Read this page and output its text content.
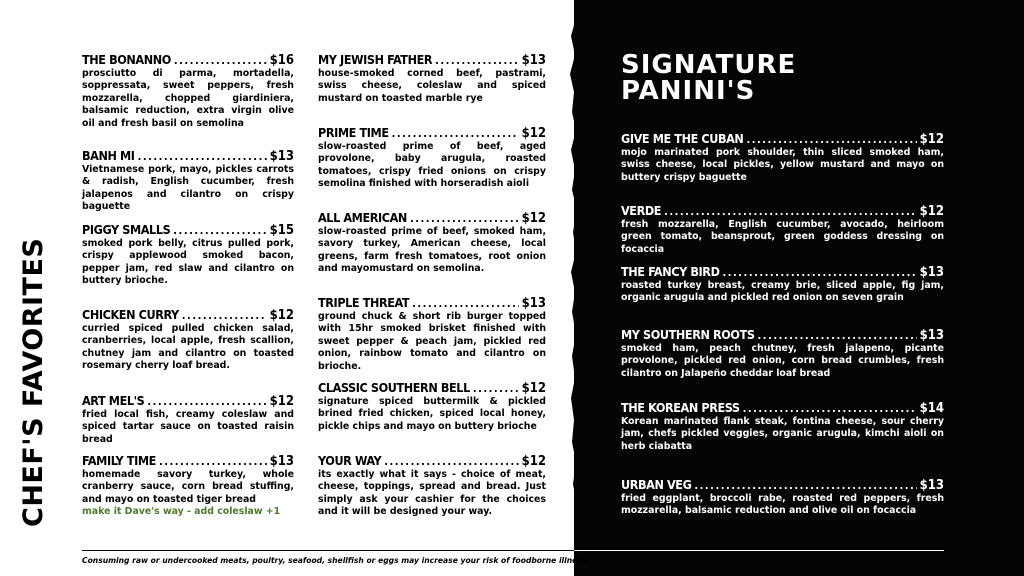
CHEF'S FAVORITES
THE BONANNO .....	$16
prosciutto di parma, mortadella, soppressata, sweet peppers, fresh mozzarella, chopped giardiniera, balsamic reduction, extra virgin olive oil and fresh basil on semolina
BANH MI .....	$13
Vietnamese pork, mayo, pickles carrots & radish, English cucumber, fresh jalapenos and cilantro on crispy baguette
PIGGY SMALLS .....	$15
smoked pork belly, citrus pulled pork, crispy applewood smoked bacon, pepper jam, red slaw and cilantro on buttery brioche.
CHICKEN CURRY .....	$12
curried spiced pulled chicken salad, cranberries, local apple, fresh scallion, chutney jam and cilantro on toasted rosemary cherry loaf bread.
ART MEL'S .....	$12
fried local fish, creamy coleslaw and spiced tartar sauce on toasted raisin bread
FAMILY TIME .....	$13
homemade savory turkey, whole cranberry sauce, corn bread stuffing, and mayo on toasted tiger bread
make it Dave's way - add coleslaw +1
MY JEWISH FATHER .....	$13
house-smoked corned beef, pastrami, swiss cheese, coleslaw and spiced mustard on toasted marble rye
PRIME TIME .....	$12
slow-roasted prime of beef, aged provolone, baby arugula, roasted tomatoes, crispy fried onions on crispy semolina finished with horseradish aioli
ALL AMERICAN .....	$12
slow-roasted prime of beef, smoked ham, savory turkey, American cheese, local greens, farm fresh tomatoes, root onion and mayomustard on semolina.
TRIPLE THREAT .....	$13
ground chuck & short rib burger topped with 15hr smoked brisket finished with sweet pepper & peach jam, pickled red onion, rainbow tomato and cilantro on brioche.
CLASSIC SOUTHERN BELL .....	$12
signature spiced buttermilk & pickled brined fried chicken, spiced local honey, pickle chips and mayo on buttery brioche
YOUR WAY .....	$12
its exactly what it says - choice of meat, cheese, toppings, spread and bread. Just simply ask your cashier for the choices and it will be designed your way.
SIGNATURE
PANINI'S
GIVE ME THE CUBAN .....	$12
mojo marinated pork shoulder, thin sliced smoked ham, swiss cheese, local pickles, yellow mustard and mayo on buttery crispy baguette
VERDE .....	$12
fresh mozzarella, English cucumber, avocado, heirloom green tomato, beansprout, green goddess dressing on focaccia
THE FANCY BIRD .....	$13
roasted turkey breast, creamy brie, sliced apple, fig jam, organic arugula and pickled red onion on seven grain
MY SOUTHERN ROOTS .....	$13
smoked ham, peach chutney, fresh jalapeno, picante provolone, pickled red onion, corn bread crumbles, fresh cilantro on Jalapeño cheddar loaf bread
THE KOREAN PRESS .....	$14
Korean marinated flank steak, fontina cheese, sour cherry jam, chefs pickled veggies, organic arugula, kimchi aioli on herb ciabatta
URBAN VEG .....	$13
fried eggplant, broccoli rabe, roasted red peppers, fresh mozzarella, balsamic reduction and olive oil on focaccia
Consuming raw or undercooked meats, poultry, seafood, shellfish or eggs may increase your risk of foodborne illness.
